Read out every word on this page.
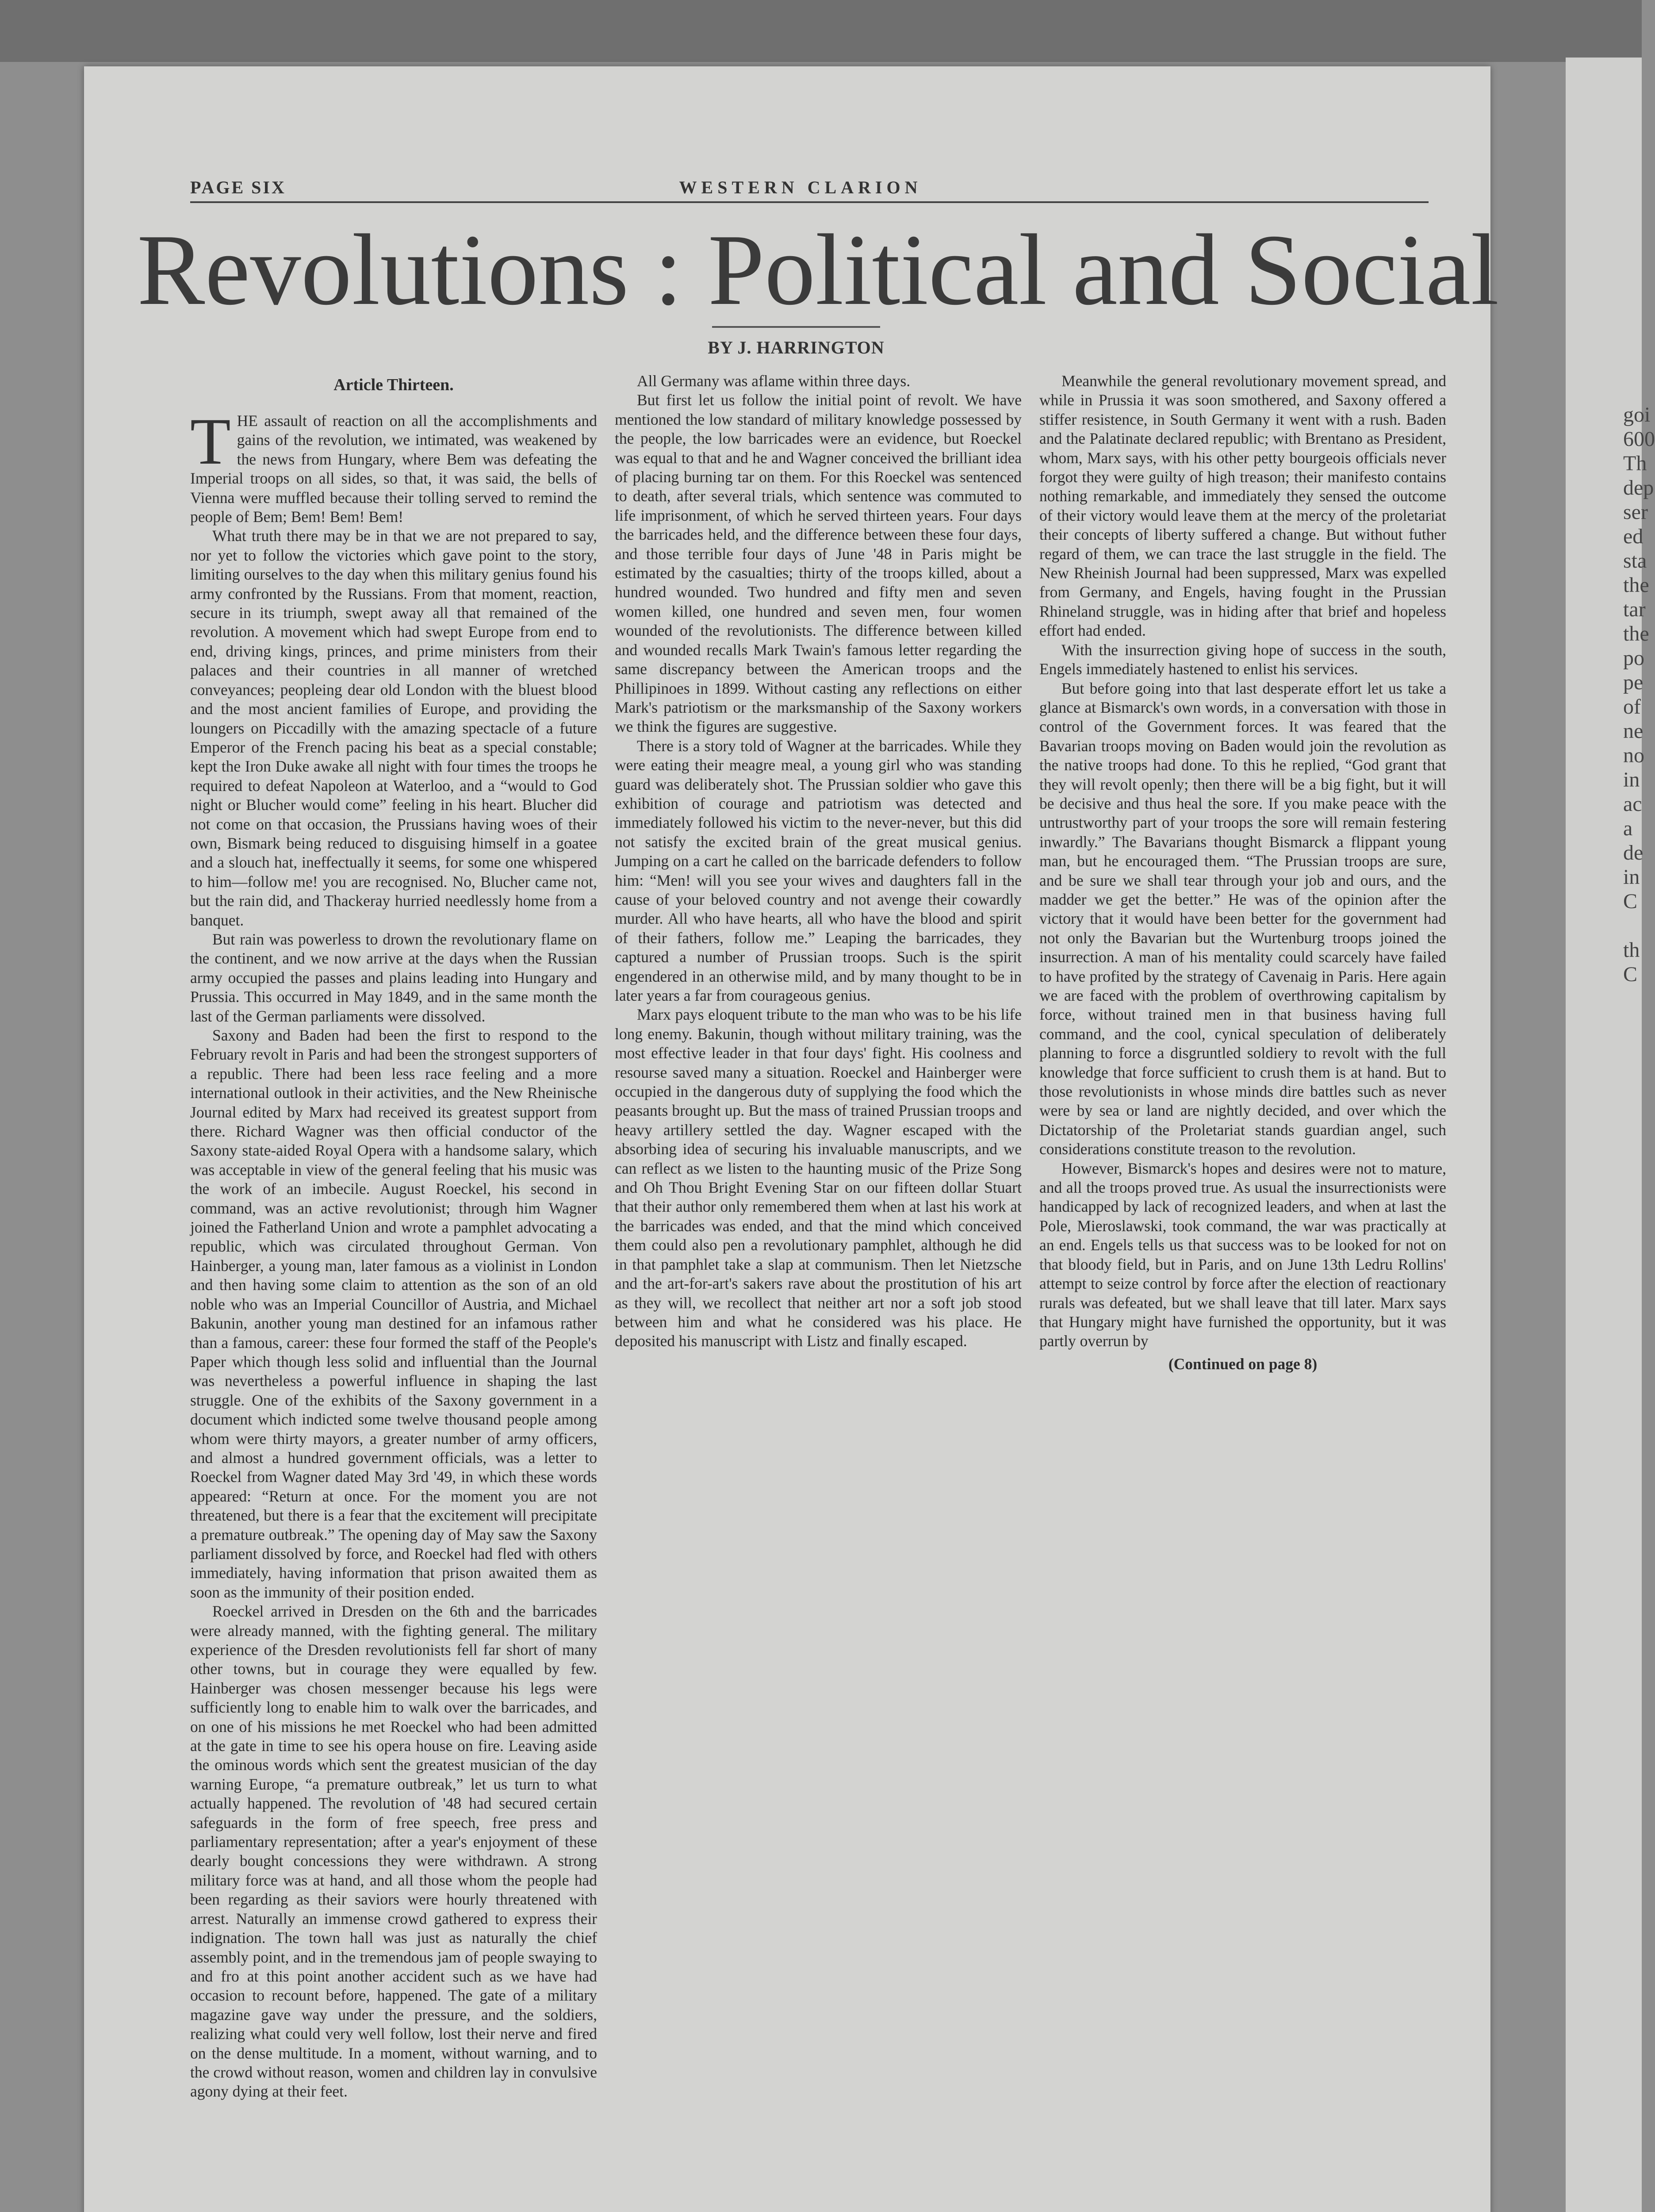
PAGE SIX	WESTERN CLARION
Revolutions : Political and Social
BY J. HARRINGTON
Article Thirteen.

THE assault of reaction on all the accomplishments and gains of the revolution, we intimated, was weakened by the news from Hungary, where Bem was defeating the Imperial troops on all sides, so that, it was said, the bells of Vienna were muffled because their tolling served to remind the people of Bem; Bem! Bem! Bem!

What truth there may be in that we are not prepared to say, nor yet to follow the victories which gave point to the story, limiting ourselves to the day when this military genius found his army confronted by the Russians. From that moment, reaction, secure in its triumph, swept away all that remained of the revolution. A movement which had swept Europe from end to end, driving kings, princes, and prime ministers from their palaces and their countries in all manner of wretched conveyances; peopleing dear old London with the bluest blood and the most ancient families of Europe, and providing the loungers on Piccadilly with the amazing spectacle of a future Emperor of the French pacing his beat as a special constable; kept the Iron Duke awake all night with four times the troops he required to defeat Napoleon at Waterloo, and a “would to God night or Blucher would come” feeling in his heart. Blucher did not come on that occasion, the Prussians having woes of their own, Bismark being reduced to disguising himself in a goatee and a slouch hat, ineffectually it seems, for some one whispered to him—follow me! you are recognised. No, Blucher came not, but the rain did, and Thackeray hurried needlessly home from a banquet.

But rain was powerless to drown the revolutionary flame on the continent, and we now arrive at the days when the Russian army occupied the passes and plains leading into Hungary and Prussia. This occurred in May 1849, and in the same month the last of the German parliaments were dissolved.

Saxony and Baden had been the first to respond to the February revolt in Paris and had been the strongest supporters of a republic. There had been less race feeling and a more international outlook in their activities, and the New Rheinische Journal edited by Marx had received its greatest support from there. Richard Wagner was then official conductor of the Saxony state-aided Royal Opera with a handsome salary, which was acceptable in view of the general feeling that his music was the work of an imbecile. August Roeckel, his second in command, was an active revolutionist; through him Wagner joined the Fatherland Union and wrote a pamphlet advocating a republic, which was circulated throughout German. Von Hainberger, a young man, later famous as a violinist in London and then having some claim to attention as the son of an old noble who was an Imperial Councillor of Austria, and Michael Bakunin, another young man destined for an infamous rather than a famous, career: these four formed the staff of the People's Paper which though less solid and influential than the Journal was nevertheless a powerful influence in shaping the last struggle. One of the exhibits of the Saxony government in a document which indicted some twelve thousand people among whom were thirty mayors, a greater number of army officers, and almost a hundred government officials, was a letter to Roeckel from Wagner dated May 3rd '49, in which these words appeared: “Return at once. For the moment you are not threatened, but there is a fear that the excitement will precipitate a premature outbreak.” The opening day of May saw the Saxony parliament dissolved by force, and Roeckel had fled with others immediately, having information that prison awaited them as soon as the immunity of their position ended.

Roeckel arrived in Dresden on the 6th and the barricades were already manned, with the fighting general. The military experience of the Dresden revolutionists fell far short of many other towns, but in courage they were equalled by few. Hainberger was chosen messenger because his legs were sufficiently long to enable him to walk over the barricades, and on one of his missions he met Roeckel who had been admitted at the gate in time to see his opera house on fire. Leaving aside the ominous words which sent the greatest musician of the day warning Europe, “a premature outbreak,” let us turn to what actually happened. The revolution of '48 had secured certain safeguards in the form of free speech, free press and parliamentary representation; after a year's enjoyment of these dearly bought concessions they were withdrawn. A strong military force was at hand, and all those whom the people had been regarding as their saviors were hourly threatened with arrest. Naturally an immense crowd gathered to express their indignation. The town hall was just as naturally the chief assembly point, and in the tremendous jam of people swaying to and fro at this point another accident such as we have had occasion to recount before, happened. The gate of a military magazine gave way under the pressure, and the soldiers, realizing what could very well follow, lost their nerve and fired on the dense multitude. In a moment, without warning, and to the crowd without reason, women and children lay in convulsive agony dying at their feet.

All Germany was aflame within three days.

But first let us follow the initial point of revolt. We have mentioned the low standard of military knowledge possessed by the people, the low barricades were an evidence, but Roeckel was equal to that and he and Wagner conceived the brilliant idea of placing burning tar on them. For this Roeckel was sentenced to death, after several trials, which sentence was commuted to life imprisonment, of which he served thirteen years. Four days the barricades held, and the difference between these four days, and those terrible four days of June '48 in Paris might be estimated by the casualties; thirty of the troops killed, about a hundred wounded. Two hundred and fifty men and seven women killed, one hundred and seven men, four women wounded of the revolutionists. The difference between killed and wounded recalls Mark Twain's famous letter regarding the same discrepancy between the American troops and the Phillipinoes in 1899. Without casting any reflections on either Mark's patriotism or the marksmanship of the Saxony workers we think the figures are suggestive.

There is a story told of Wagner at the barricades. While they were eating their meagre meal, a young girl who was standing guard was deliberately shot. The Prussian soldier who gave this exhibition of courage and patriotism was detected and immediately followed his victim to the never-never, but this did not satisfy the excited brain of the great musical genius. Jumping on a cart he called on the barricade defenders to follow him: “Men! will you see your wives and daughters fall in the cause of your beloved country and not avenge their cowardly murder. All who have hearts, all who have the blood and spirit of their fathers, follow me.” Leaping the barricades, they captured a number of Prussian troops. Such is the spirit engendered in an otherwise mild, and by many thought to be in later years a far from courageous genius.

Marx pays eloquent tribute to the man who was to be his life long enemy. Bakunin, though without military training, was the most effective leader in that four days' fight. His coolness and resourse saved many a situation. Roeckel and Hainberger were occupied in the dangerous duty of supplying the food which the peasants brought up. But the mass of trained Prussian troops and heavy artillery settled the day. Wagner escaped with the absorbing idea of securing his invaluable manuscripts, and we can reflect as we listen to the haunting music of the Prize Song and Oh Thou Bright Evening Star on our fifteen dollar Stuart that their author only remembered them when at last his work at the barricades was ended, and that the mind which conceived them could also pen a revolutionary pamphlet, although he did in that pamphlet take a slap at communism. Then let Nietzsche and the art-for-art's sakers rave about the prostitution of his art as they will, we recollect that neither art nor a soft job stood between him and what he considered was his place. He deposited his manuscript with Listz and finally escaped.

Meanwhile the general revolutionary movement spread, and while in Prussia it was soon smothered, and Saxony offered a stiffer resistence, in South Germany it went with a rush. Baden and the Palatinate declared republic; with Brentano as President, whom, Marx says, with his other petty bourgeois officials never forgot they were guilty of high treason; their manifesto contains nothing remarkable, and immediately they sensed the outcome of their victory would leave them at the mercy of the proletariat their concepts of liberty suffered a change. But without futher regard of them, we can trace the last struggle in the field. The New Rheinish Journal had been suppressed, Marx was expelled from Germany, and Engels, having fought in the Prussian Rhineland struggle, was in hiding after that brief and hopeless effort had ended.

With the insurrection giving hope of success in the south, Engels immediately hastened to enlist his services.

But before going into that last desperate effort let us take a glance at Bismarck's own words, in a conversation with those in control of the Government forces. It was feared that the Bavarian troops moving on Baden would join the revolution as the native troops had done. To this he replied, “God grant that they will revolt openly; then there will be a big fight, but it will be decisive and thus heal the sore. If you make peace with the untrustworthy part of your troops the sore will remain festering inwardly.” The Bavarians thought Bismarck a flippant young man, but he encouraged them. “The Prussian troops are sure, and be sure we shall tear through your job and ours, and the madder we get the better.” He was of the opinion after the victory that it would have been better for the government had not only the Bavarian but the Wurtenburg troops joined the insurrection. A man of his mentality could scarcely have failed to have profited by the strategy of Cavenaig in Paris. Here again we are faced with the problem of overthrowing capitalism by force, without trained men in that business having full command, and the cool, cynical speculation of deliberately planning to force a disgruntled soldiery to revolt with the full knowledge that force sufficient to crush them is at hand. But to those revolutionists in whose minds dire battles such as never were by sea or land are nightly decided, and over which the Dictatorship of the Proletariat stands guardian angel, such considerations constitute treason to the revolution.

However, Bismarck's hopes and desires were not to mature, and all the troops proved true. As usual the insurrectionists were handicapped by lack of recognized leaders, and when at last the Pole, Mieroslawski, took command, the war was practically at an end. Engels tells us that success was to be looked for not on that bloody field, but in Paris, and on June 13th Ledru Rollins' attempt to seize control by force after the election of reactionary rurals was defeated, but we shall leave that till later. Marx says that Hungary might have furnished the opportunity, but it was partly overrun by

(Continued on page 8)
goi
600
Th
dep
ser
ed
sta
the
tar
the
po
pe
of
ne
no
in
ac
a
de
in
C
th
C
